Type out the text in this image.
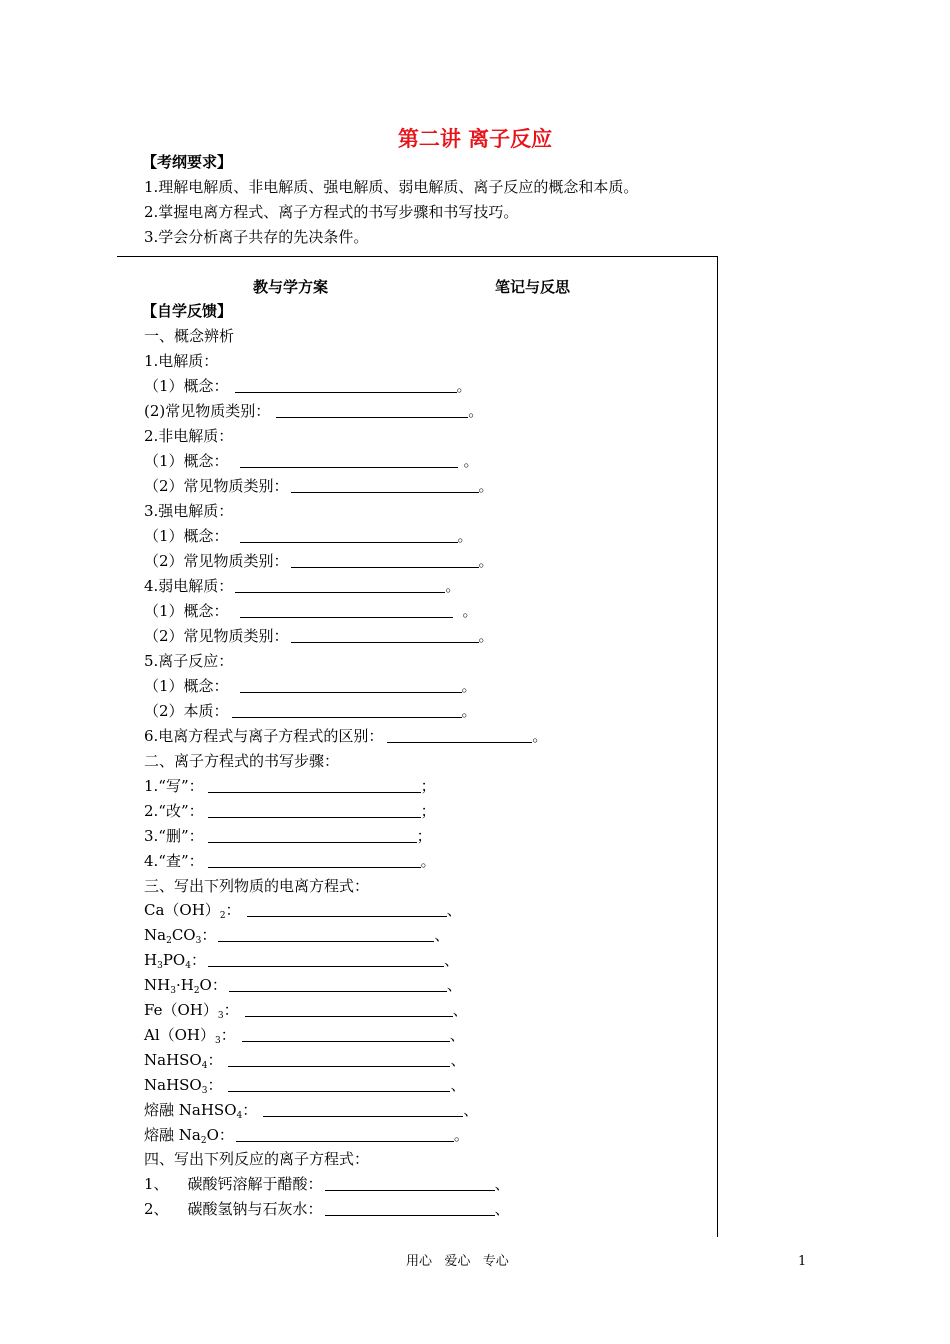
第二讲 离子反应
【考纲要求】
1.理解电解质、非电解质、强电解质、弱电解质、离子反应的概念和本质。
2.掌握电离方程式、离子方程式的书写步骤和书写技巧。
3.学会分析离子共存的先决条件。
教与学方案	笔记与反思
【自学反馈】
一、概念辨析
1.电解质：
（1）概念：	。
(2)常见物质类别：	。
2.非电解质：
（1）概念：	。
（2）常见物质类别：	。
3.强电解质：
（1）概念：	。
（2）常见物质类别：	。
4.弱电解质：	。
（1）概念：	。
（2）常见物质类别：	。
5.离子反应：
（1）概念：	。
（2）本质：	。
6.电离方程式与离子方程式的区别：	。
二、离子方程式的书写步骤：
1.“写”：	；
2.“改”：	；
3.“删”：	；
4.“查”：	。
三、写出下列物质的电离方程式：
$Ca(OH)_2$：	、
$Na_2CO_3$：	、
$H_3PO_4$：	、
$NH_3\cdot H_2O$：	、
$Fe(OH)_3$：	、
$Al(OH)_3$：	、
NaHSO$_4$：	、
NaHSO$_3$：	、
熔融 NaHSO$_4$：	、
熔融 $Na_2O$：	。
四、写出下列反应的离子方程式：
1、 碳酸钙溶解于醋酸：	、
2、 碳酸氢钠与石灰水：	、
用心   爱心   专心	1
